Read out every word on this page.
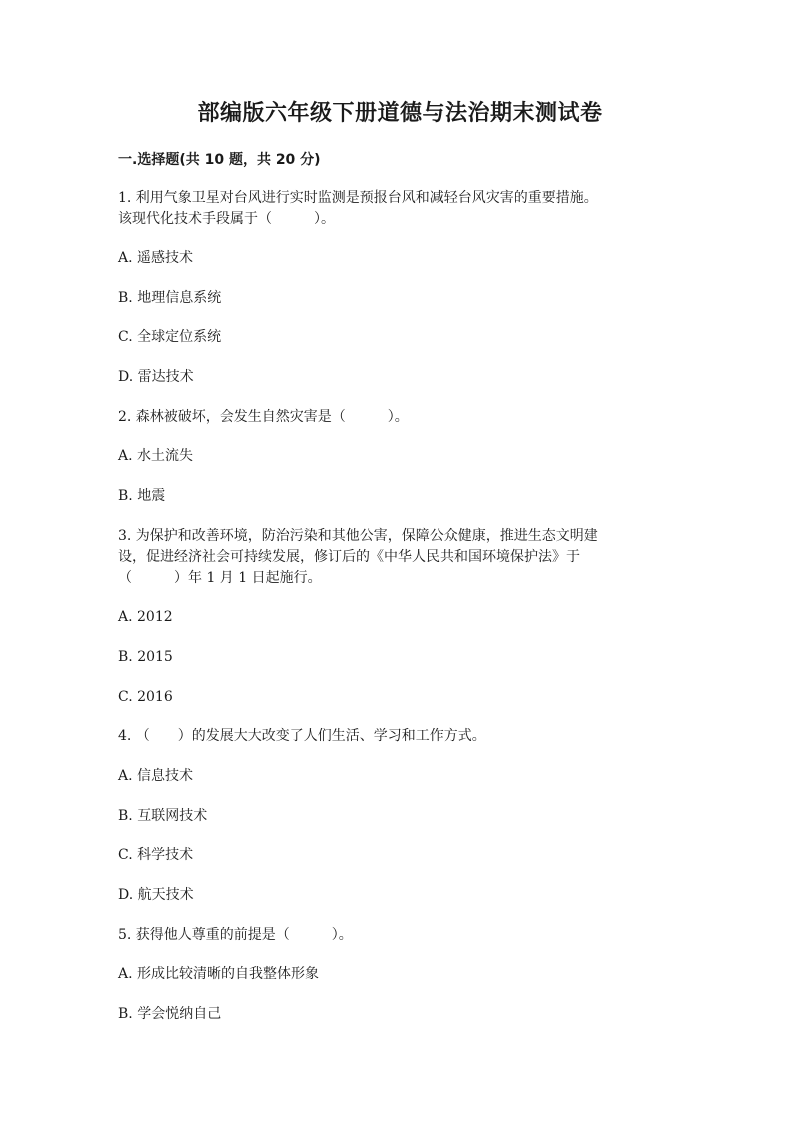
部编版六年级下册道德与法治期末测试卷
一.选择题(共 10 题，共 20 分)

1. 利用气象卫星对台风进行实时监测是预报台风和减轻台风灾害的重要措施。

该现代化技术手段属于（　　　）。

A. 遥感技术

B. 地理信息系统

C. 全球定位系统

D. 雷达技术

2. 森林被破坏，会发生自然灾害是（　　　）。

A. 水土流失

B. 地震

3. 为保护和改善环境，防治污染和其他公害，保障公众健康，推进生态文明建

设，促进经济社会可持续发展，修订后的《中华人民共和国环境保护法》于

（　　　）年 1 月 1 日起施行。

A. 2012

B. 2015

C. 2016

4. （　　）的发展大大改变了人们生活、学习和工作方式。

A. 信息技术

B. 互联网技术

C. 科学技术

D. 航天技术

5. 获得他人尊重的前提是（　　　）。

A. 形成比较清晰的自我整体形象

B. 学会悦纳自己
